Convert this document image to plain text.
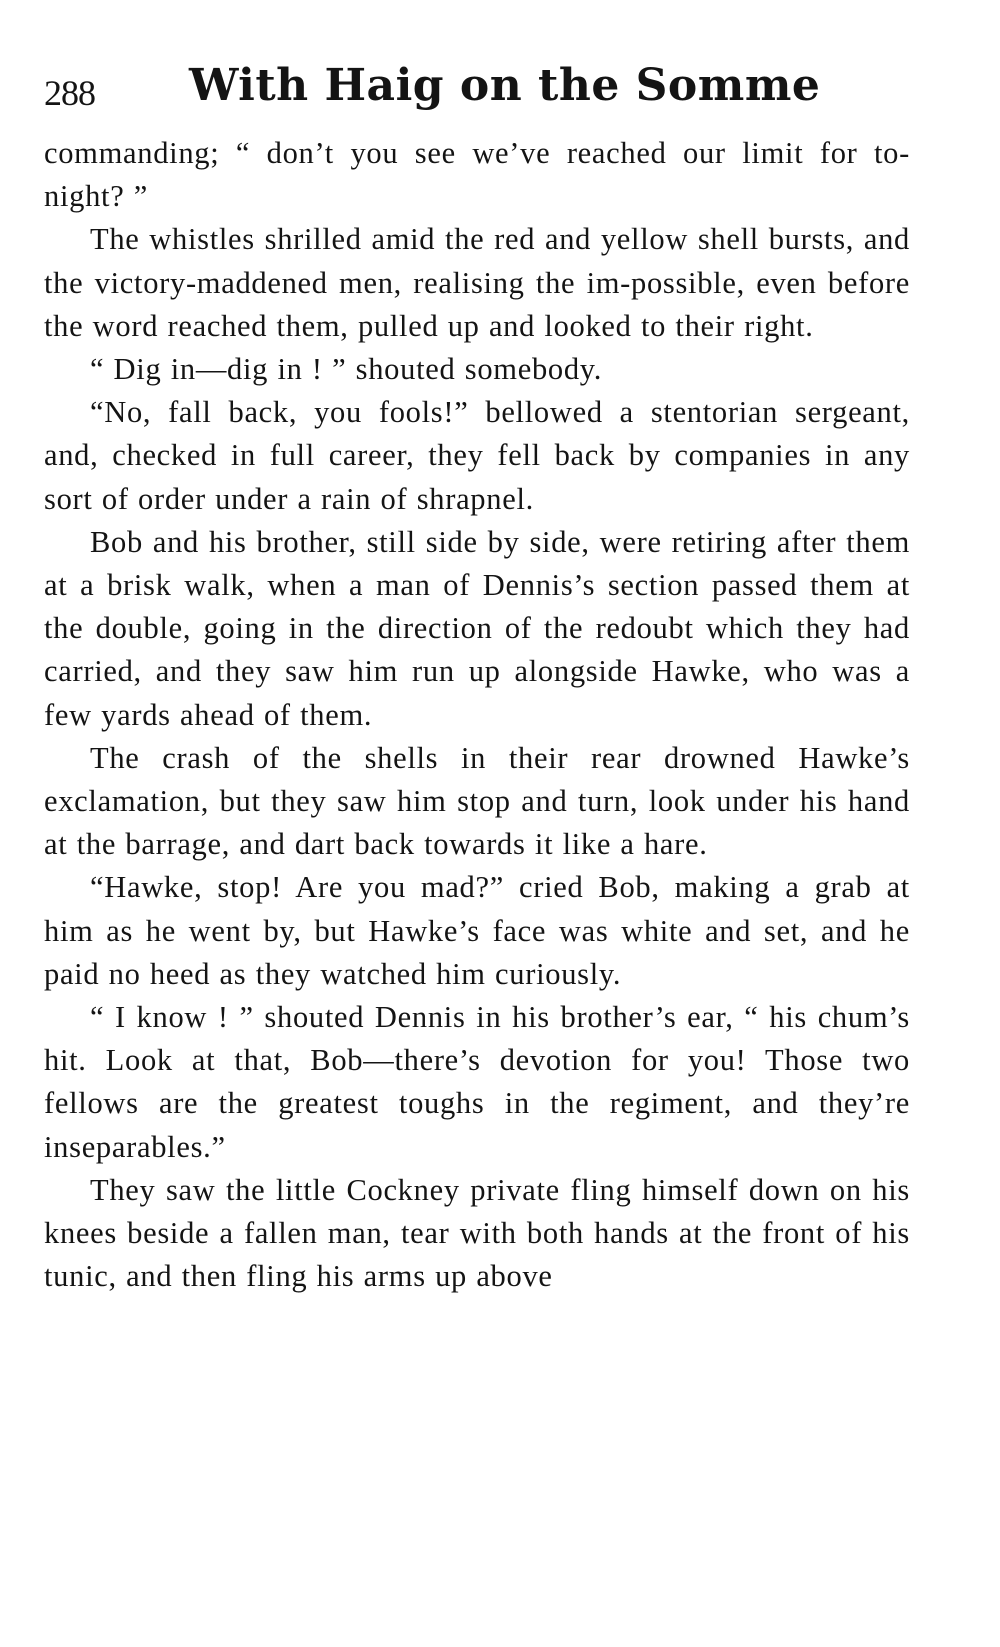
288 With Haig on the Somme

commanding; “ don’t you see we’ve reached our limit for to-night? ”

The whistles shrilled amid the red and yellow shell bursts, and the victory-maddened men, realising the im-possible, even before the word reached them, pulled up and looked to their right.

“ Dig in—dig in ! ” shouted somebody.

“No, fall back, you fools!” bellowed a stentorian sergeant, and, checked in full career, they fell back by companies in any sort of order under a rain of shrapnel.

Bob and his brother, still side by side, were retiring after them at a brisk walk, when a man of Dennis’s section passed them at the double, going in the direction of the redoubt which they had carried, and they saw him run up alongside Hawke, who was a few yards ahead of them.

The crash of the shells in their rear drowned Hawke’s exclamation, but they saw him stop and turn, look under his hand at the barrage, and dart back towards it like a hare.

“Hawke, stop! Are you mad?” cried Bob, making a grab at him as he went by, but Hawke’s face was white and set, and he paid no heed as they watched him curiously.

“ I know ! ” shouted Dennis in his brother’s ear, “ his chum’s hit. Look at that, Bob—there’s devotion for you! Those two fellows are the greatest toughs in the regiment, and they’re inseparables.”

They saw the little Cockney private fling himself down on his knees beside a fallen man, tear with both hands at the front of his tunic, and then fling his arms up above
